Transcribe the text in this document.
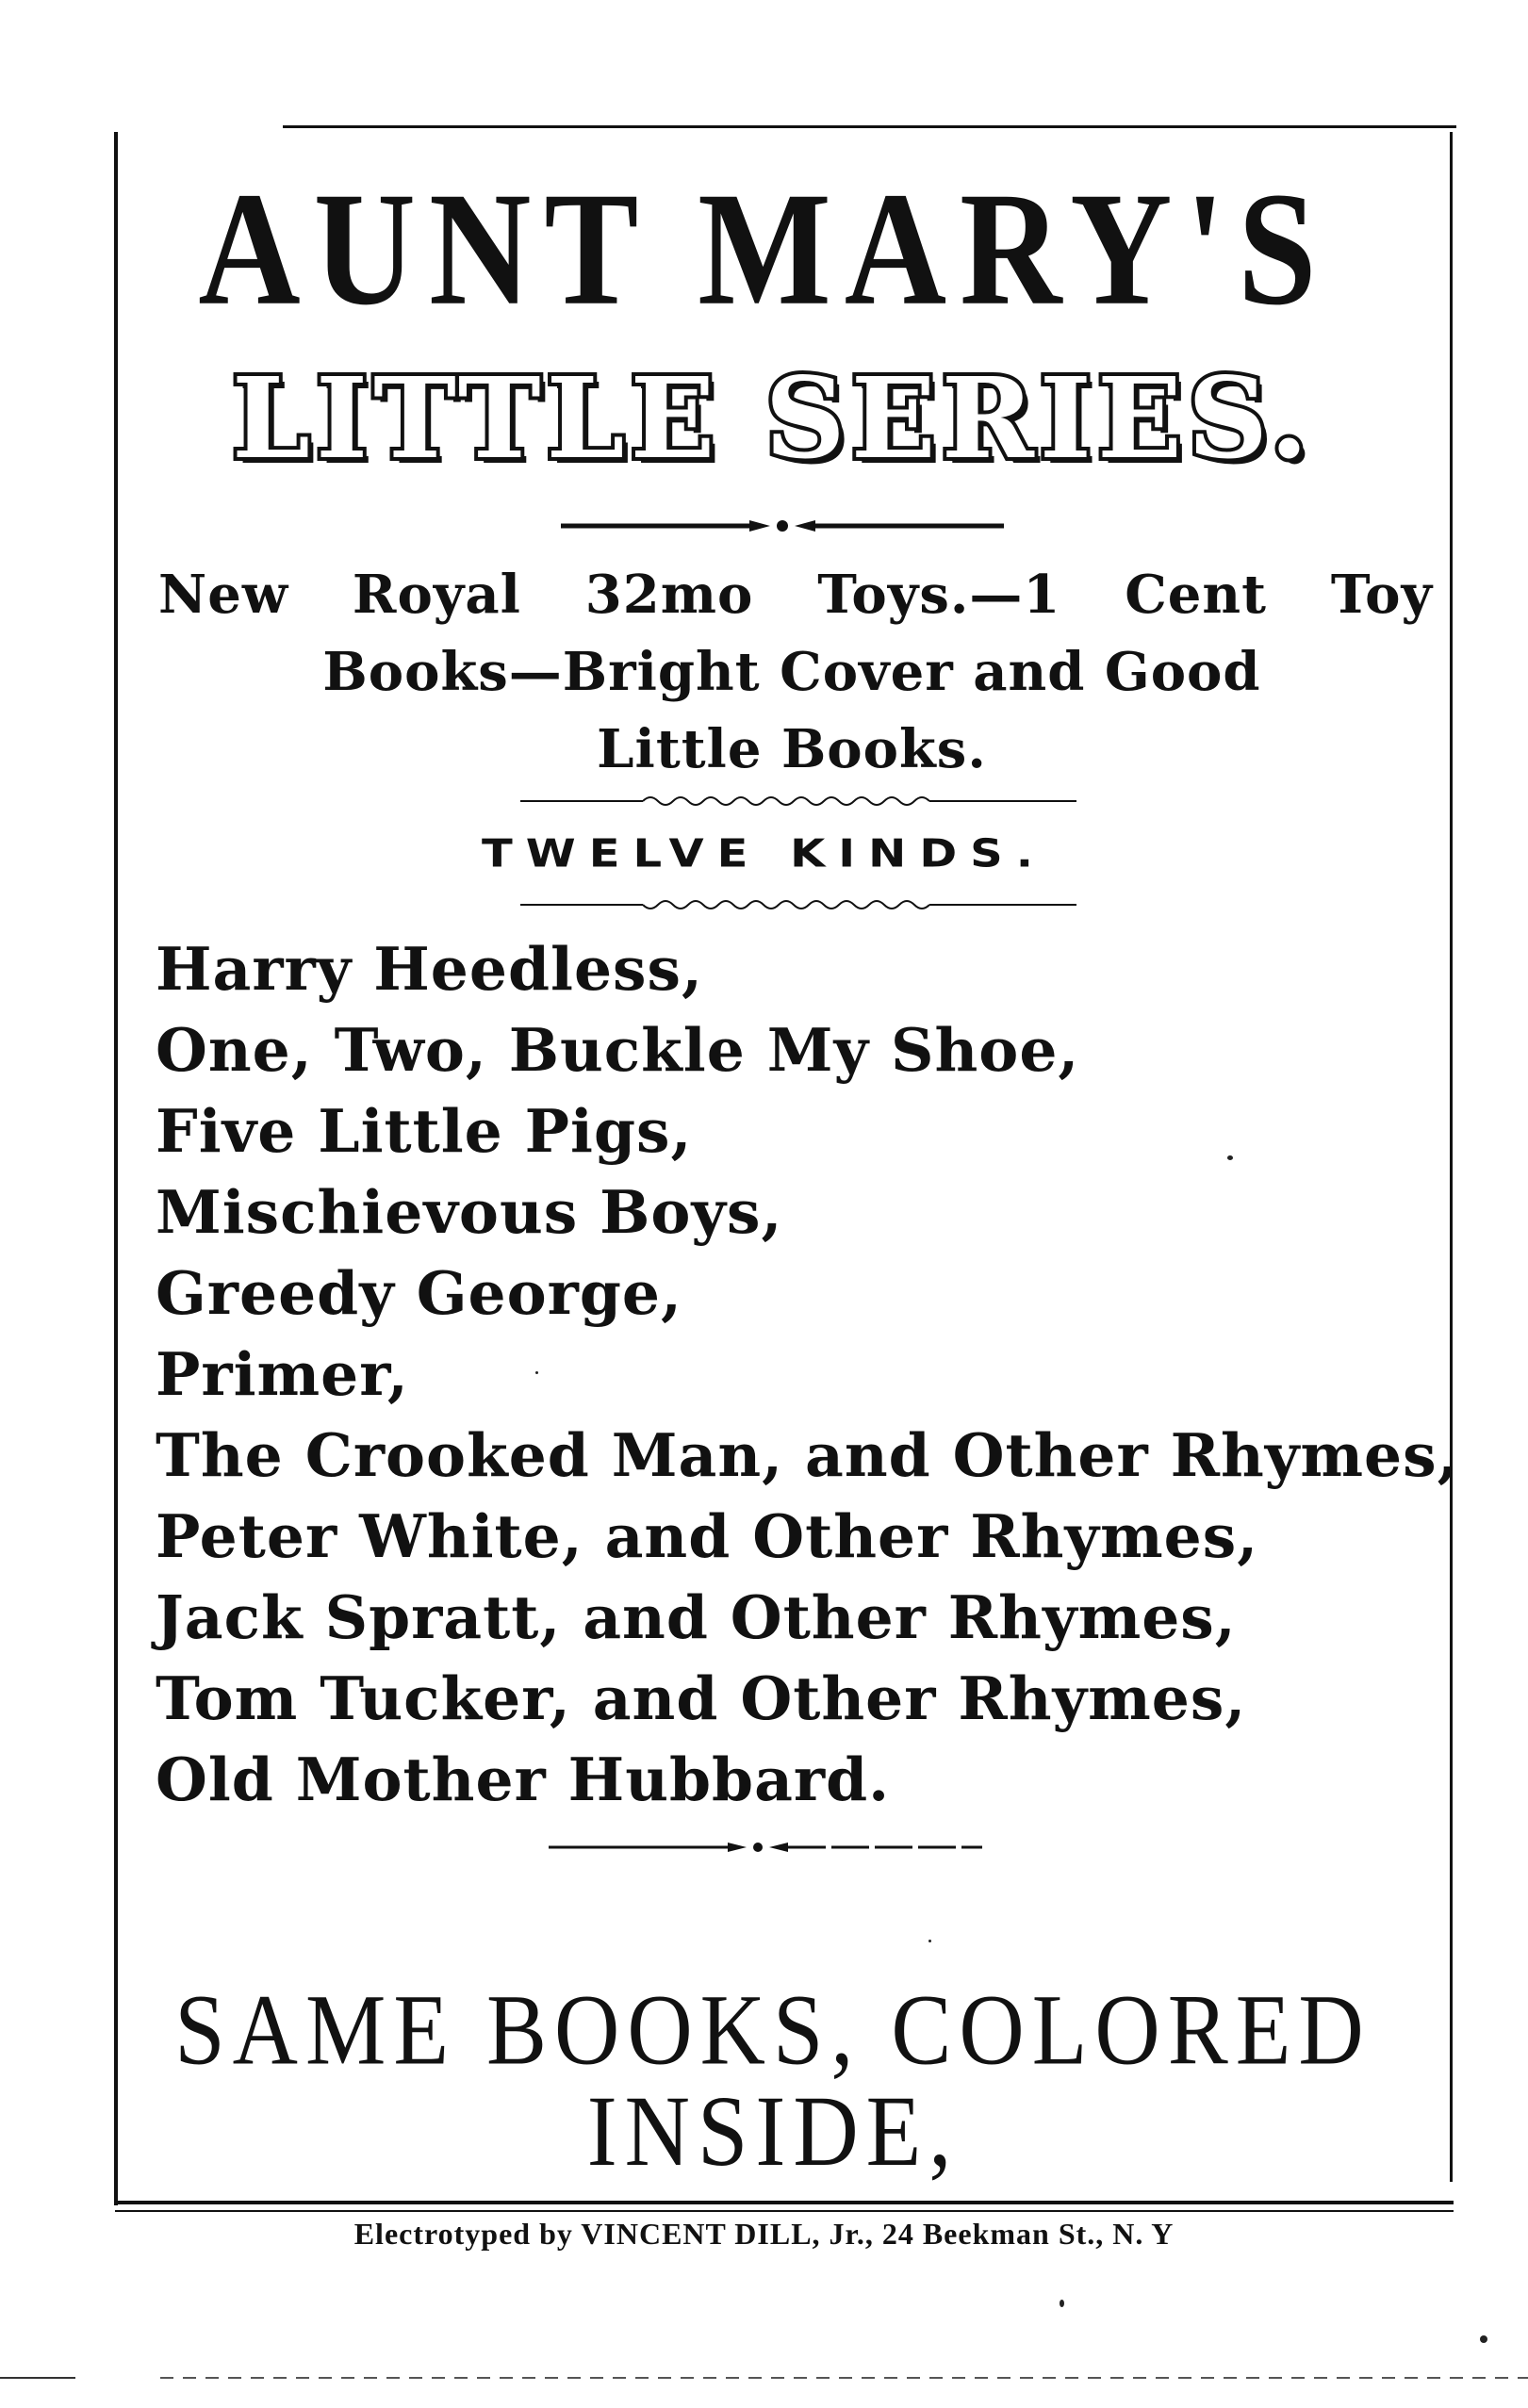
AUNT MARY'S
LITTLE SERIES.
New Royal 32mo Toys.—1 Cent Toy
Books—Bright Cover and Good
Little Books.
TWELVE KINDS.
Harry Heedless,
One, Two, Buckle My Shoe,
Five Little Pigs,
Mischievous Boys,
Greedy George,
Primer,
The Crooked Man, and Other Rhymes,
Peter White, and Other Rhymes,
Jack Spratt, and Other Rhymes,
Tom Tucker, and Other Rhymes,
Old Mother Hubbard.
SAME BOOKS, COLORED INSIDE,
Electrotyped by VINCENT DILL, Jr., 24 Beekman St., N. Y
